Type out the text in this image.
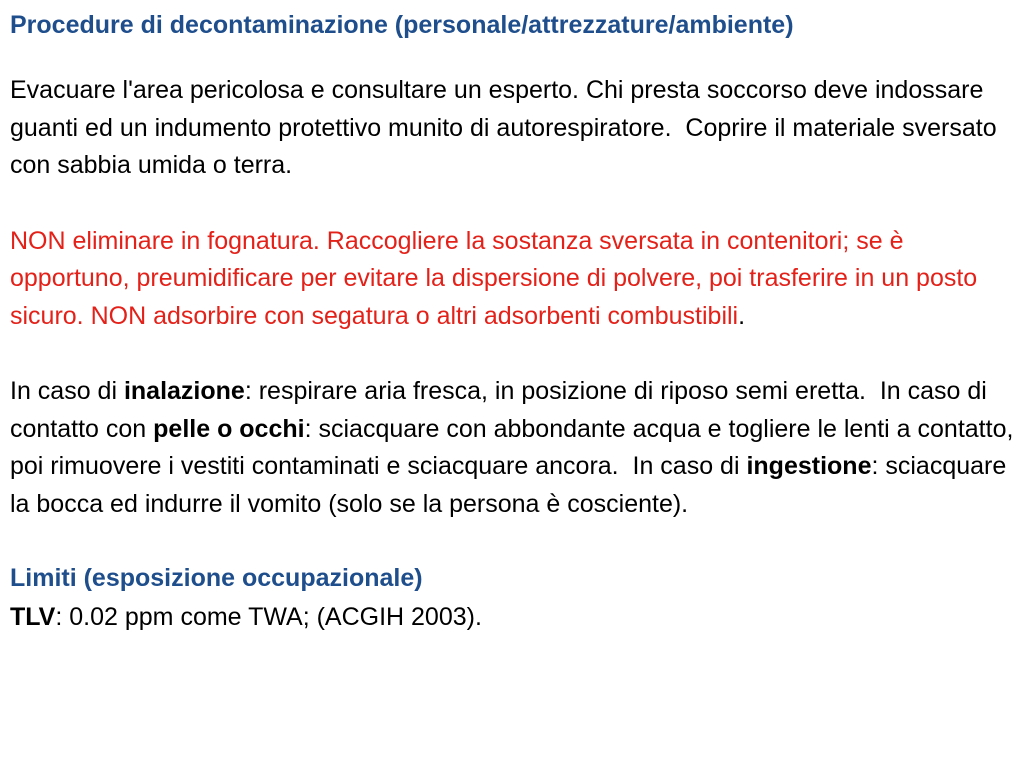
Procedure di decontaminazione (personale/attrezzature/ambiente)

Evacuare l'area pericolosa e consultare un esperto. Chi presta soccorso deve indossare guanti ed un indumento protettivo munito di autorespiratore.  Coprire il materiale sversato con sabbia umida o terra.

NON eliminare in fognatura. Raccogliere la sostanza sversata in contenitori; se è opportuno, preumidificare per evitare la dispersione di polvere, poi trasferire in un posto sicuro. NON adsorbire con segatura o altri adsorbenti combustibili.

In caso di inalazione: respirare aria fresca, in posizione di riposo semi eretta.  In caso di contatto con pelle o occhi: sciacquare con abbondante acqua e togliere le lenti a contatto, poi rimuovere i vestiti contaminati e sciacquare ancora.  In caso di ingestione: sciacquare la bocca ed indurre il vomito (solo se la persona è cosciente).

Limiti (esposizione occupazionale)

TLV: 0.02 ppm come TWA; (ACGIH 2003).
